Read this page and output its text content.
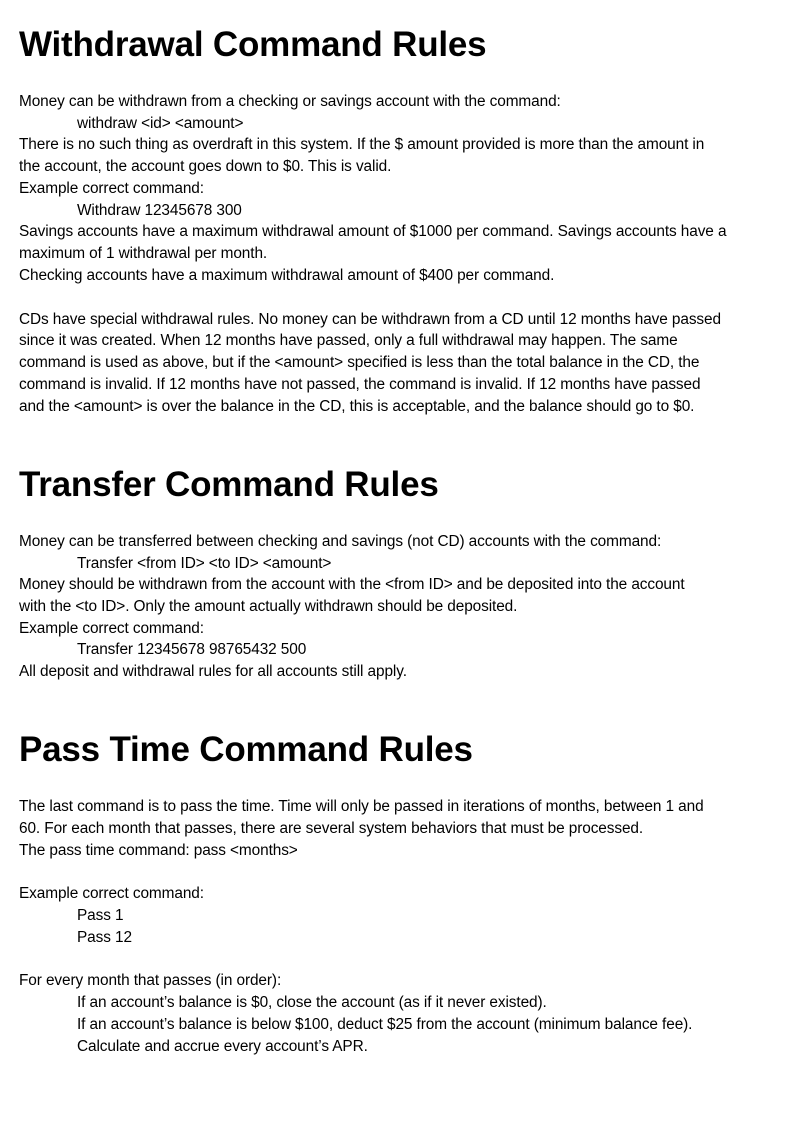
Withdrawal Command Rules

Money can be withdrawn from a checking or savings account with the command:

withdraw <id> <amount>

There is no such thing as overdraft in this system. If the $ amount provided is more than the amount in

the account, the account goes down to $0. This is valid.

Example correct command:

Withdraw 12345678 300

Savings accounts have a maximum withdrawal amount of $1000 per command. Savings accounts have a

maximum of 1 withdrawal per month.

Checking accounts have a maximum withdrawal amount of $400 per command.

CDs have special withdrawal rules. No money can be withdrawn from a CD until 12 months have passed

since it was created. When 12 months have passed, only a full withdrawal may happen. The same

command is used as above, but if the <amount> specified is less than the total balance in the CD, the

command is invalid. If 12 months have not passed, the command is invalid. If 12 months have passed

and the <amount> is over the balance in the CD, this is acceptable, and the balance should go to $0.

Transfer Command Rules

Money can be transferred between checking and savings (not CD) accounts with the command:

Transfer <from ID> <to ID> <amount>

Money should be withdrawn from the account with the <from ID> and be deposited into the account

with the <to ID>. Only the amount actually withdrawn should be deposited.

Example correct command:

Transfer 12345678 98765432 500

All deposit and withdrawal rules for all accounts still apply.

Pass Time Command Rules

The last command is to pass the time. Time will only be passed in iterations of months, between 1 and

60. For each month that passes, there are several system behaviors that must be processed.

The pass time command: pass <months>

Example correct command:

Pass 1

Pass 12

For every month that passes (in order):

If an account’s balance is $0, close the account (as if it never existed).

If an account’s balance is below $100, deduct $25 from the account (minimum balance fee).

Calculate and accrue every account’s APR.
